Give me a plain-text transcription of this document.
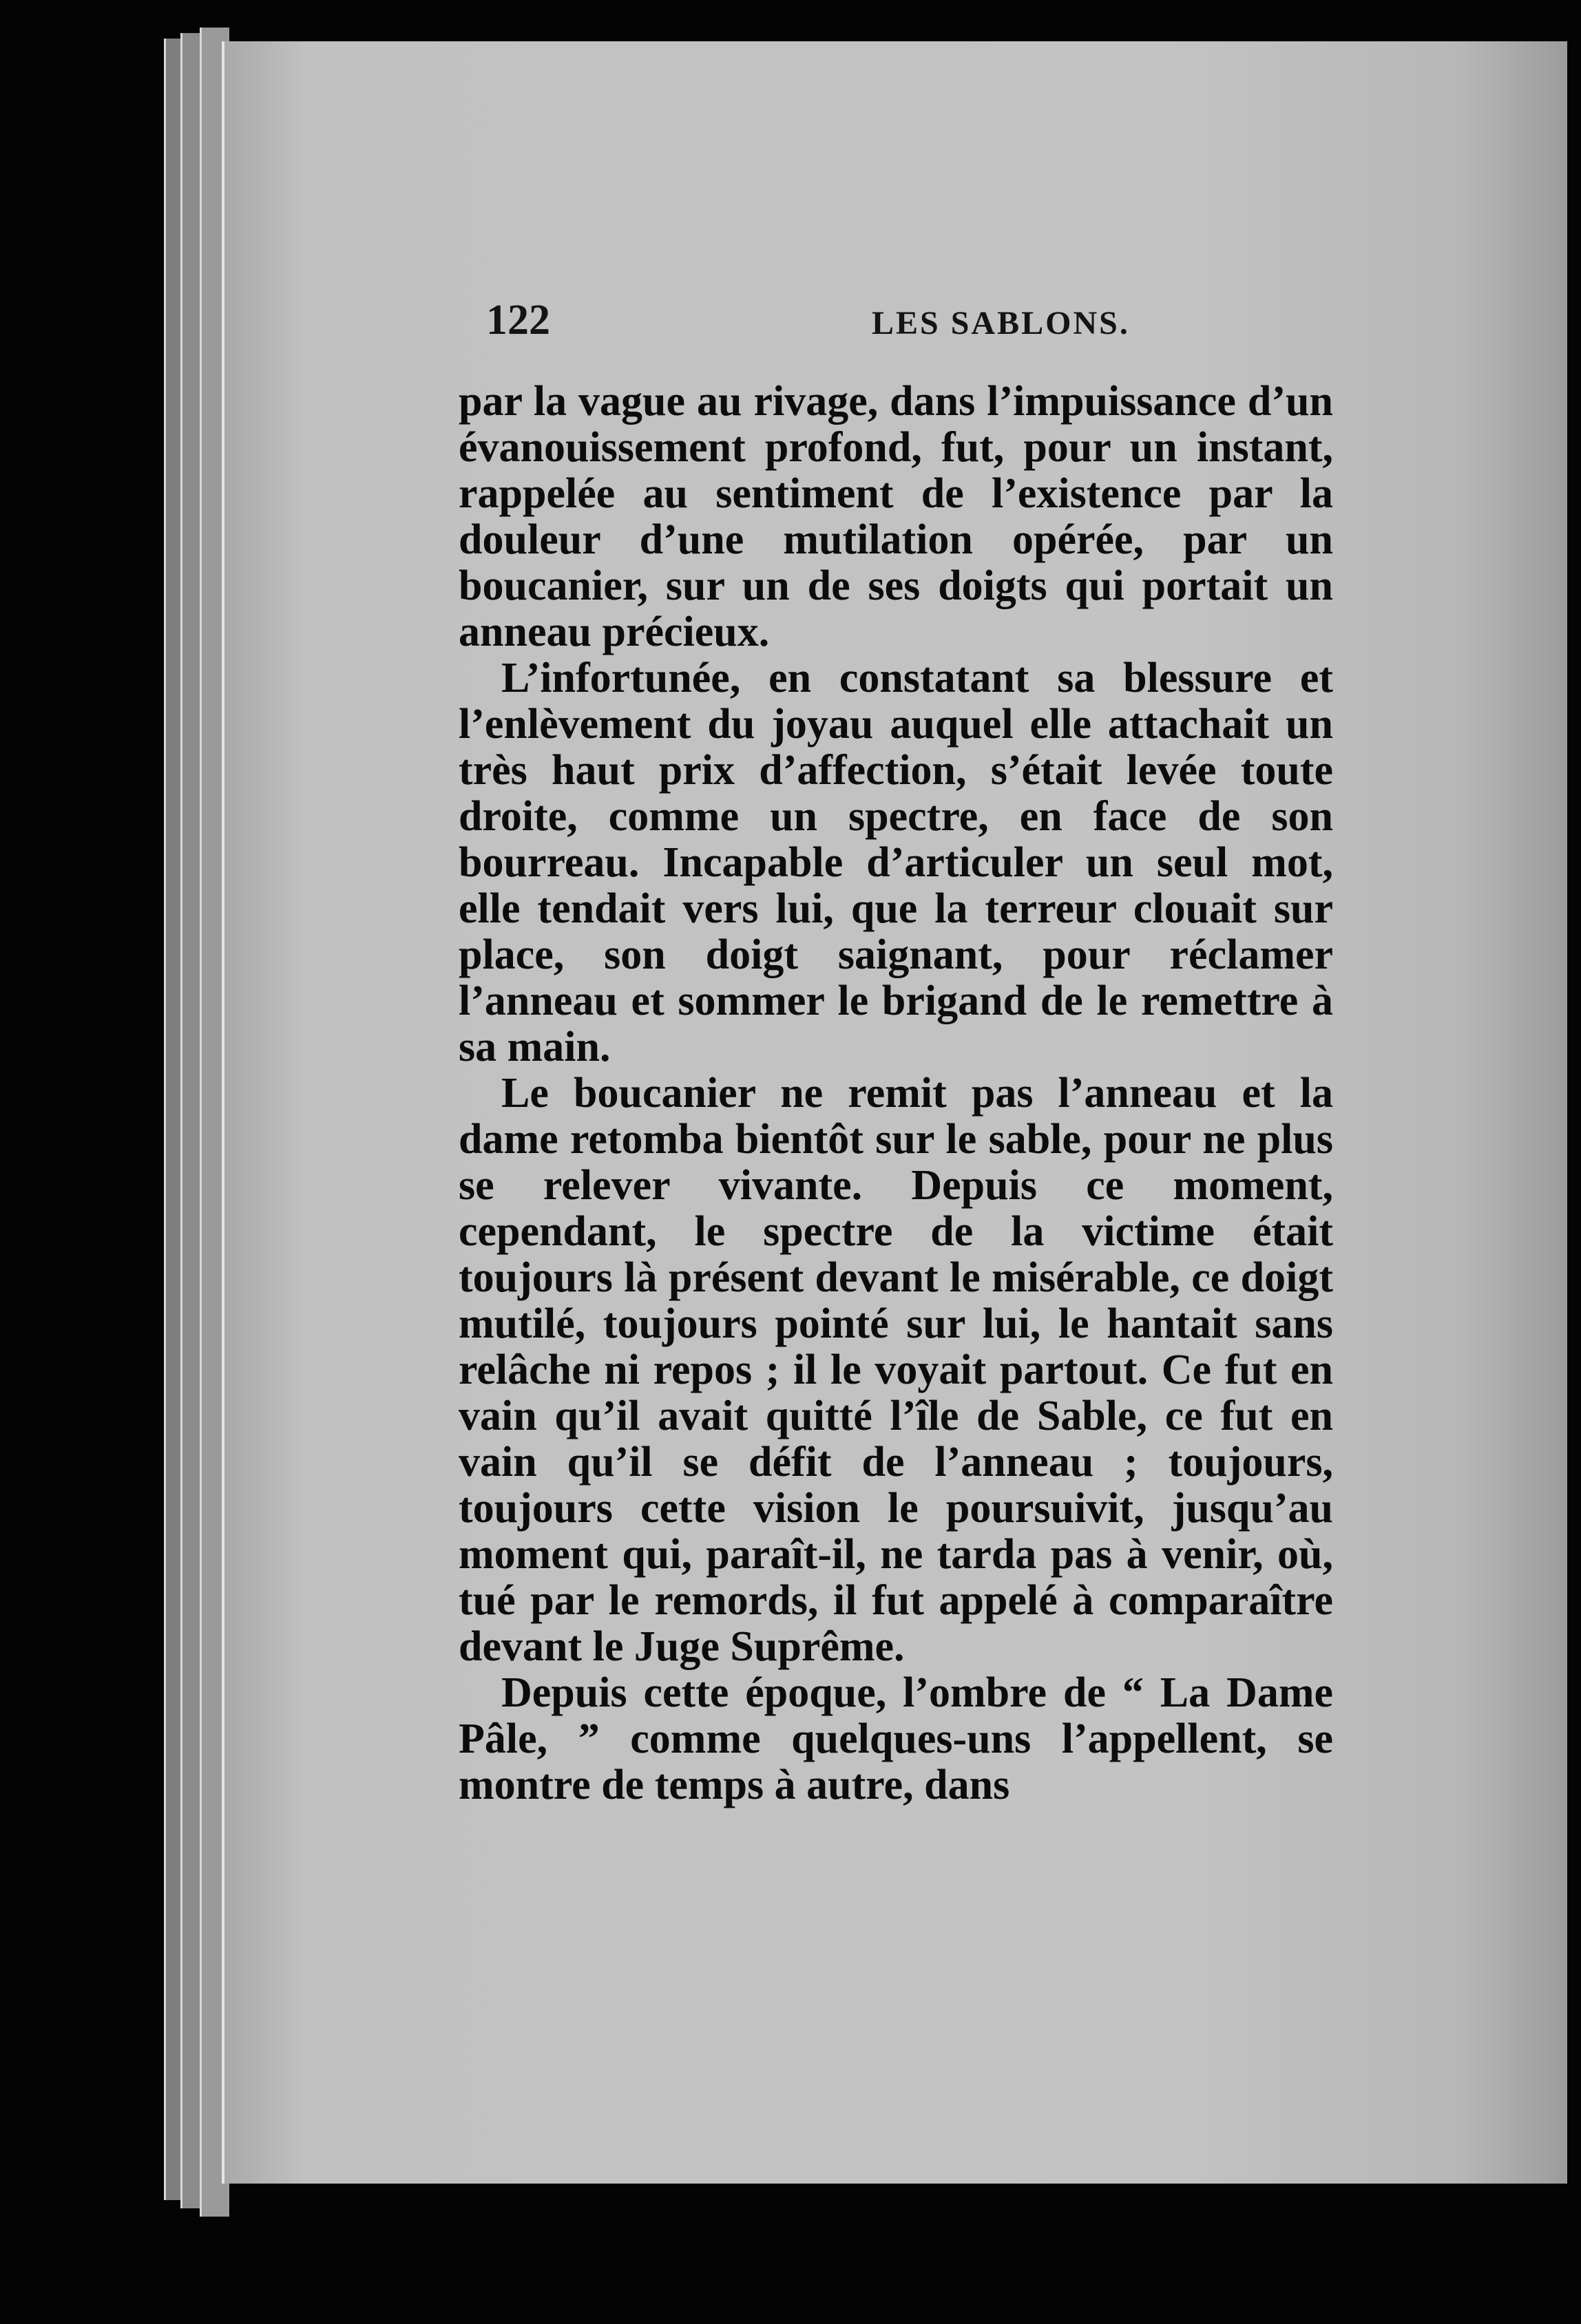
122	LES SABLONS.

par la vague au rivage, dans l’impuissance d’un évanouissement profond, fut, pour un instant, rappelée au sentiment de l’existence par la douleur d’une mutilation opérée, par un boucanier, sur un de ses doigts qui portait un anneau précieux.

L’infortunée, en constatant sa blessure et l’enlèvement du joyau auquel elle attachait un très haut prix d’affection, s’était levée toute droite, comme un spectre, en face de son bourreau. Incapable d’articuler un seul mot, elle tendait vers lui, que la terreur clouait sur place, son doigt saignant, pour réclamer l’anneau et sommer le brigand de le remettre à sa main.

Le boucanier ne remit pas l’anneau et la dame retomba bientôt sur le sable, pour ne plus se relever vivante. Depuis ce moment, cependant, le spectre de la victime était toujours là présent devant le misérable, ce doigt mutilé, toujours pointé sur lui, le hantait sans relâche ni repos ; il le voyait partout. Ce fut en vain qu’il avait quitté l’île de Sable, ce fut en vain qu’il se défit de l’anneau ; toujours, toujours cette vision le poursuivit, jusqu’au moment qui, paraît-il, ne tarda pas à venir, où, tué par le remords, il fut appelé à comparaître devant le Juge Suprême.

Depuis cette époque, l’ombre de “ La Dame Pâle, ” comme quelques-uns l’appellent, se montre de temps à autre, dans
